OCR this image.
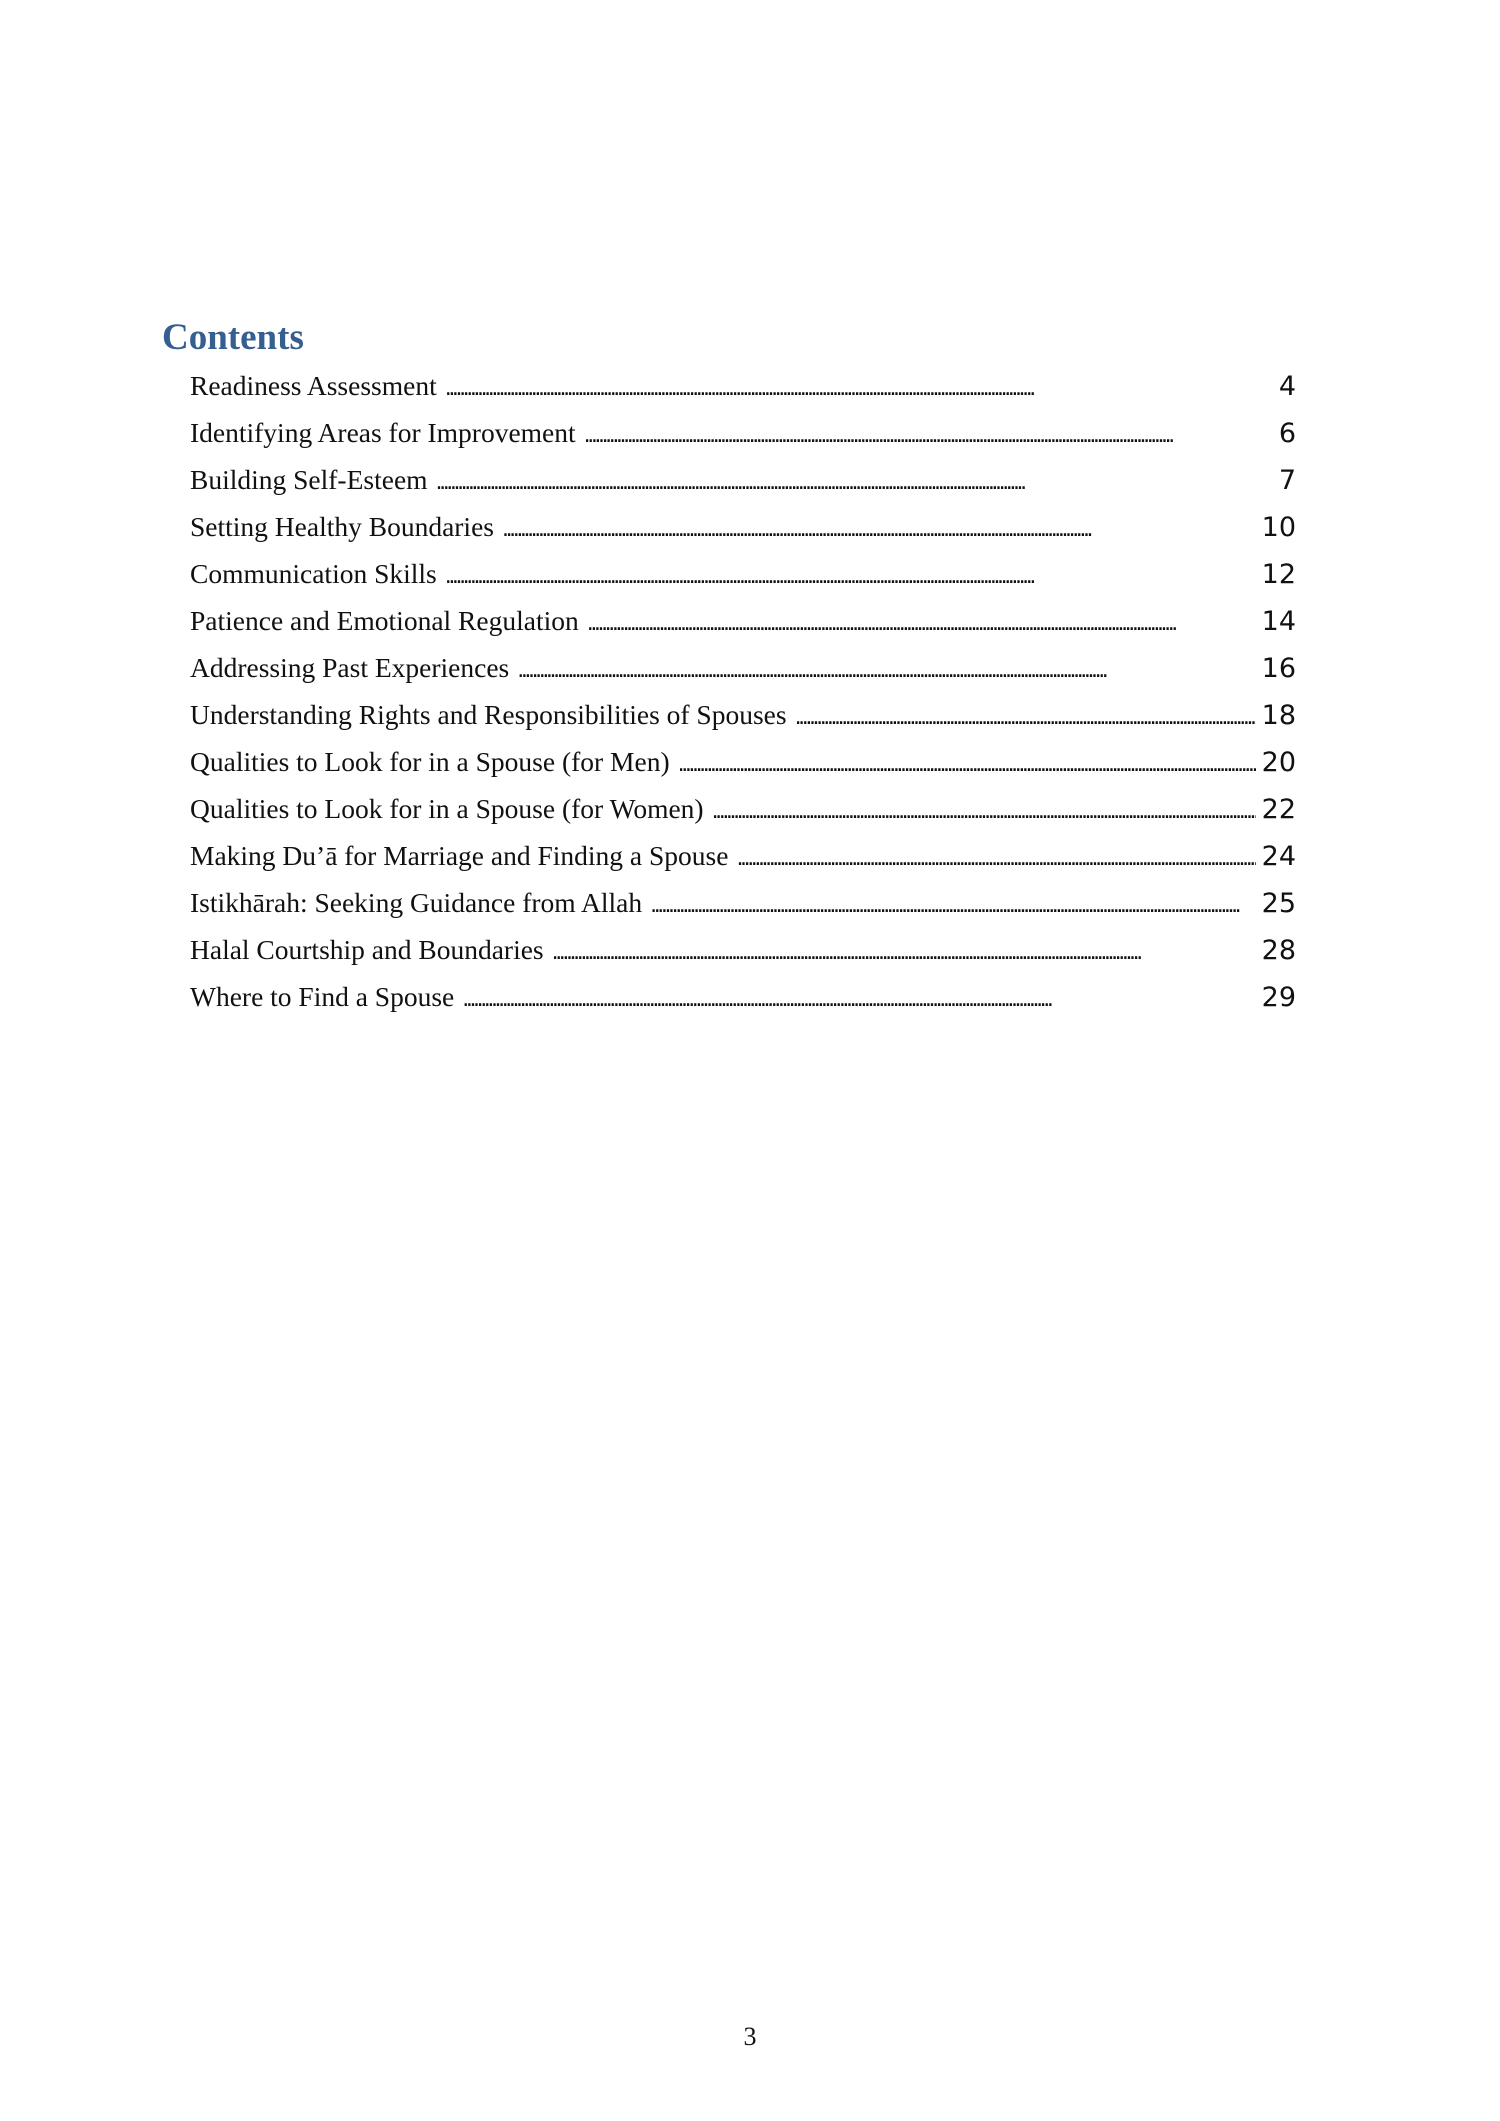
Contents
Readiness Assessment . . .	4
Identifying Areas for Improvement . . .	6
Building Self-Esteem . . .	7
Setting Healthy Boundaries . . .	10
Communication Skills . . .	12
Patience and Emotional Regulation . . .	14
Addressing Past Experiences . . .	16
Understanding Rights and Responsibilities of Spouses . . .	18
Qualities to Look for in a Spouse (for Men) . . .	20
Qualities to Look for in a Spouse (for Women) . . .	22
Making Du’ā for Marriage and Finding a Spouse . . .	24
Istikhārah: Seeking Guidance from Allah . . .	25
Halal Courtship and Boundaries . . .	28
Where to Find a Spouse . . .	29
3
